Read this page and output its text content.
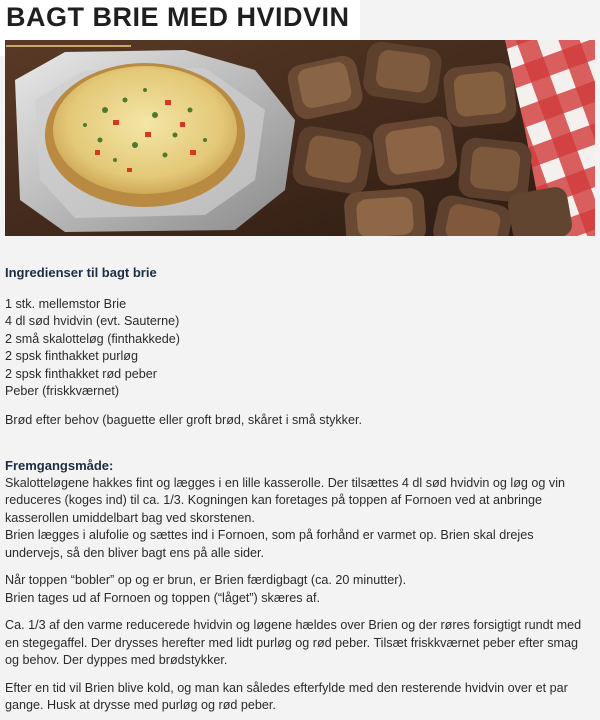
BAGT BRIE MED HVIDVIN

Ingredienser til bagt brie

1 stk. mellemstor Brie

4 dl sød hvidvin (evt. Sauterne)

2 små skalotteløg (finthakkede)

2 spsk finthakket purløg

2 spsk finthakket rød peber

Peber (friskkværnet)

Brød efter behov (baguette eller groft brød, skåret i små stykker.

Fremgangsmåde:

Skalotteløgene hakkes fint og lægges i en lille kasserolle. Der tilsættes 4 dl sød hvidvin og løg og vin reduceres (koges ind) til ca. 1/3. Kogningen kan foretages på toppen af Fornoen ved at anbringe kasserollen umiddelbart bag ved skorstenen.

Brien lægges i alufolie og sættes ind i Fornoen, som på forhånd er varmet op. Brien skal drejes undervejs, så den bliver bagt ens på alle sider.

Når toppen “bobler” op og er brun, er Brien færdigbagt (ca. 20 minutter).

Brien tages ud af Fornoen og toppen (“låget”) skæres af.

Ca. 1/3 af den varme reducerede hvidvin og løgene hældes over Brien og der røres forsigtigt rundt med en stegegaffel. Der drysses herefter med lidt purløg og rød peber. Tilsæt friskkværnet peber efter smag og behov. Der dyppes med brødstykker.

Efter en tid vil Brien blive kold, og man kan således efterfylde med den resterende hvidvin over et par gange. Husk at drysse med purløg og rød peber.
